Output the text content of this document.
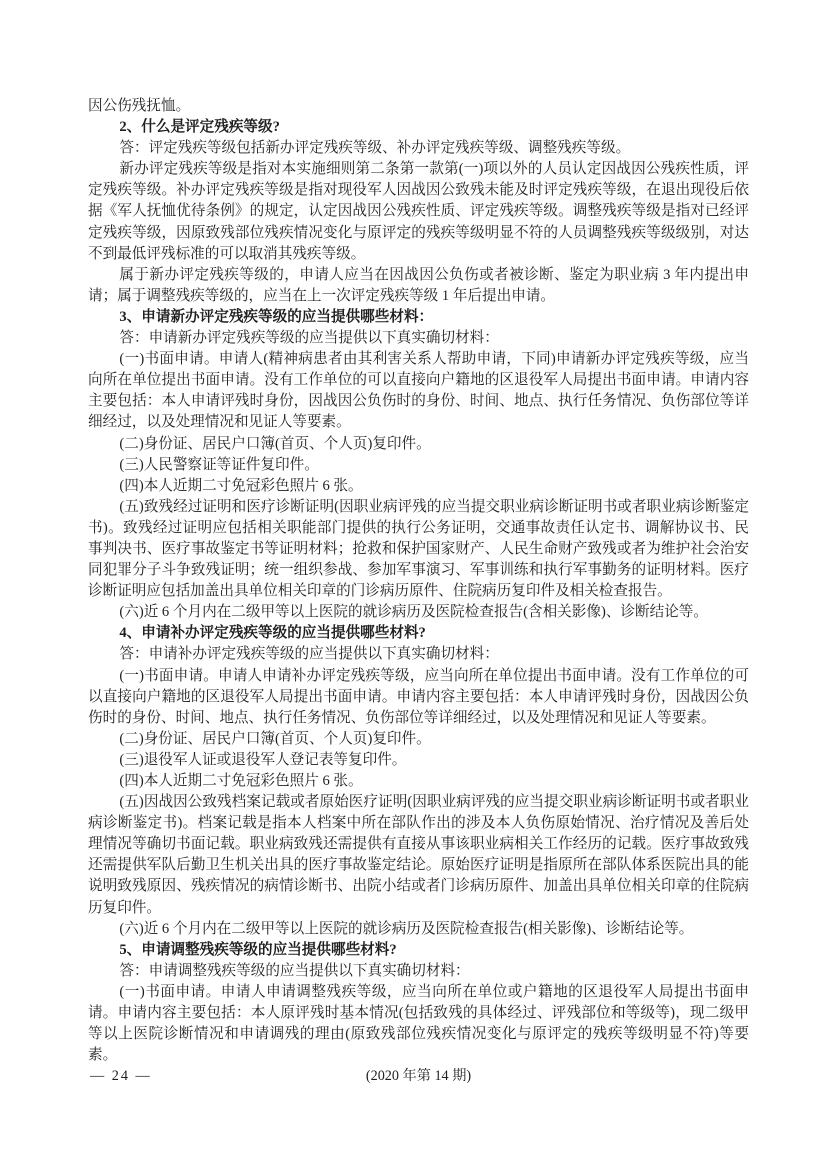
因公伤残抚恤。

2、什么是评定残疾等级?

答：评定残疾等级包括新办评定残疾等级、补办评定残疾等级、调整残疾等级。

新办评定残疾等级是指对本实施细则第二条第一款第(一)项以外的人员认定因战因公残疾性质，评定残疾等级。补办评定残疾等级是指对现役军人因战因公致残未能及时评定残疾等级，在退出现役后依据《军人抚恤优待条例》的规定，认定因战因公残疾性质、评定残疾等级。调整残疾等级是指对已经评定残疾等级，因原致残部位残疾情况变化与原评定的残疾等级明显不符的人员调整残疾等级级别，对达不到最低评残标准的可以取消其残疾等级。

属于新办评定残疾等级的，申请人应当在因战因公负伤或者被诊断、鉴定为职业病 3 年内提出申请；属于调整残疾等级的，应当在上一次评定残疾等级 1 年后提出申请。

3、申请新办评定残疾等级的应当提供哪些材料：

答：申请新办评定残疾等级的应当提供以下真实确切材料：

(一)书面申请。申请人(精神病患者由其利害关系人帮助申请，下同)申请新办评定残疾等级，应当向所在单位提出书面申请。没有工作单位的可以直接向户籍地的区退役军人局提出书面申请。申请内容主要包括：本人申请评残时身份，因战因公负伤时的身份、时间、地点、执行任务情况、负伤部位等详细经过，以及处理情况和见证人等要素。

(二)身份证、居民户口簿(首页、个人页)复印件。

(三)人民警察证等证件复印件。

(四)本人近期二寸免冠彩色照片 6 张。

(五)致残经过证明和医疗诊断证明(因职业病评残的应当提交职业病诊断证明书或者职业病诊断鉴定书)。致残经过证明应包括相关职能部门提供的执行公务证明，交通事故责任认定书、调解协议书、民事判决书、医疗事故鉴定书等证明材料；抢救和保护国家财产、人民生命财产致残或者为维护社会治安同犯罪分子斗争致残证明；统一组织参战、参加军事演习、军事训练和执行军事勤务的证明材料。医疗诊断证明应包括加盖出具单位相关印章的门诊病历原件、住院病历复印件及相关检查报告。

(六)近 6 个月内在二级甲等以上医院的就诊病历及医院检查报告(含相关影像)、诊断结论等。

4、申请补办评定残疾等级的应当提供哪些材料?

答：申请补办评定残疾等级的应当提供以下真实确切材料：

(一)书面申请。申请人申请补办评定残疾等级，应当向所在单位提出书面申请。没有工作单位的可以直接向户籍地的区退役军人局提出书面申请。申请内容主要包括：本人申请评残时身份，因战因公负伤时的身份、时间、地点、执行任务情况、负伤部位等详细经过，以及处理情况和见证人等要素。

(二)身份证、居民户口簿(首页、个人页)复印件。

(三)退役军人证或退役军人登记表等复印件。

(四)本人近期二寸免冠彩色照片 6 张。

(五)因战因公致残档案记载或者原始医疗证明(因职业病评残的应当提交职业病诊断证明书或者职业病诊断鉴定书)。档案记载是指本人档案中所在部队作出的涉及本人负伤原始情况、治疗情况及善后处理情况等确切书面记载。职业病致残还需提供有直接从事该职业病相关工作经历的记载。医疗事故致残还需提供军队后勤卫生机关出具的医疗事故鉴定结论。原始医疗证明是指原所在部队体系医院出具的能说明致残原因、残疾情况的病情诊断书、出院小结或者门诊病历原件、加盖出具单位相关印章的住院病历复印件。

(六)近 6 个月内在二级甲等以上医院的就诊病历及医院检查报告(相关影像)、诊断结论等。

5、申请调整残疾等级的应当提供哪些材料?

答：申请调整残疾等级的应当提供以下真实确切材料：

(一)书面申请。申请人申请调整残疾等级，应当向所在单位或户籍地的区退役军人局提出书面申请。申请内容主要包括：本人原评残时基本情况(包括致残的具体经过、评残部位和等级等)，现二级甲等以上医院诊断情况和申请调残的理由(原致残部位残疾情况变化与原评定的残疾等级明显不符)等要素。

— 24 —	(2020 年第 14 期)
